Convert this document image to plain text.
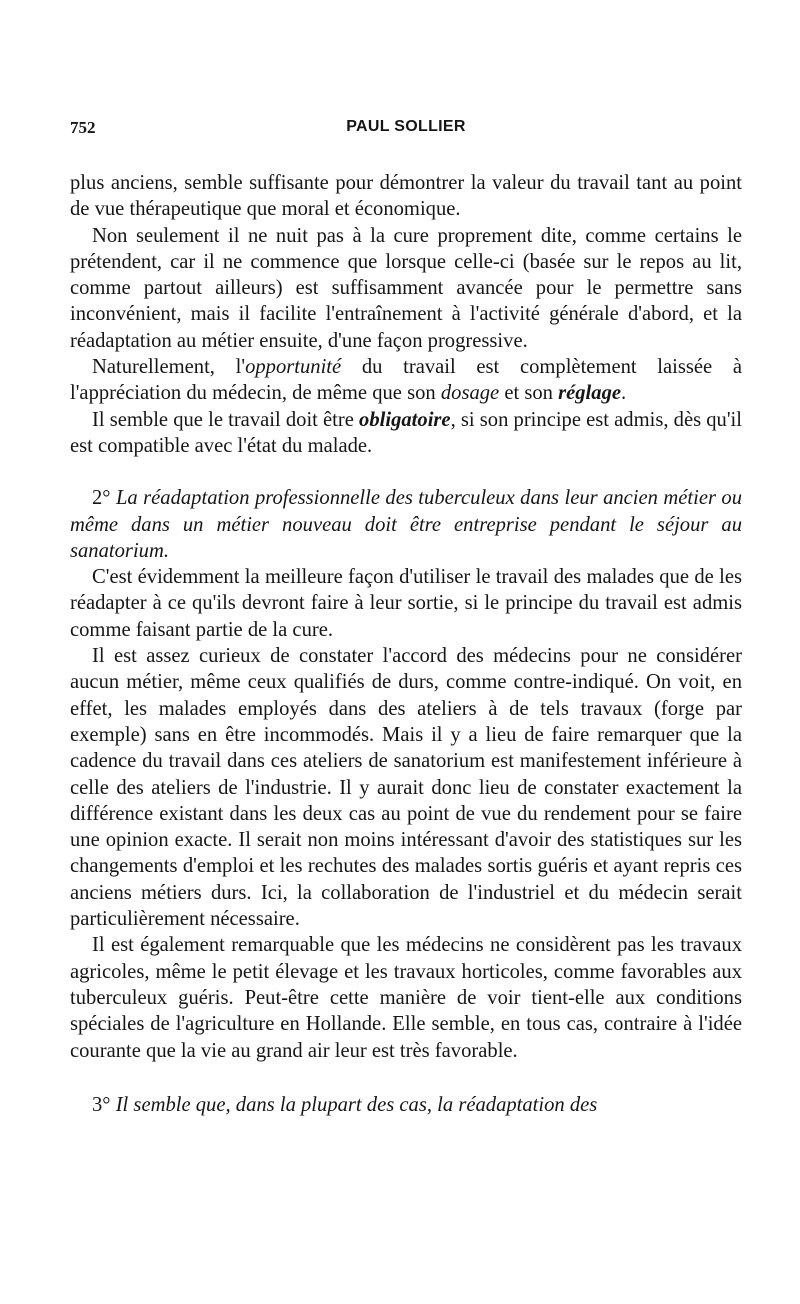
752	PAUL SOLLIER

plus anciens, semble suffisante pour démontrer la valeur du travail tant au point de vue thérapeutique que moral et économique.

Non seulement il ne nuit pas à la cure proprement dite, comme certains le prétendent, car il ne commence que lorsque celle-ci (basée sur le repos au lit, comme partout ailleurs) est suffisamment avancée pour le permettre sans inconvénient, mais il facilite l'entraînement à l'activité générale d'abord, et la réadaptation au métier ensuite, d'une façon progressive.

Naturellement, l'opportunité du travail est complètement laissée à l'appréciation du médecin, de même que son dosage et son réglage.

Il semble que le travail doit être obligatoire, si son principe est admis, dès qu'il est compatible avec l'état du malade.

2° La réadaptation professionnelle des tuberculeux dans leur ancien métier ou même dans un métier nouveau doit être entreprise pendant le séjour au sanatorium.

C'est évidemment la meilleure façon d'utiliser le travail des malades que de les réadapter à ce qu'ils devront faire à leur sortie, si le principe du travail est admis comme faisant partie de la cure.

Il est assez curieux de constater l'accord des médecins pour ne considérer aucun métier, même ceux qualifiés de durs, comme contre-indiqué. On voit, en effet, les malades employés dans des ateliers à de tels travaux (forge par exemple) sans en être incommodés. Mais il y a lieu de faire remarquer que la cadence du travail dans ces ateliers de sanatorium est manifestement inférieure à celle des ateliers de l'industrie. Il y aurait donc lieu de constater exactement la différence existant dans les deux cas au point de vue du rendement pour se faire une opinion exacte. Il serait non moins intéressant d'avoir des statistiques sur les changements d'emploi et les rechutes des malades sortis guéris et ayant repris ces anciens métiers durs. Ici, la collaboration de l'industriel et du médecin serait particulièrement nécessaire.

Il est également remarquable que les médecins ne considèrent pas les travaux agricoles, même le petit élevage et les travaux horticoles, comme favorables aux tuberculeux guéris. Peut-être cette manière de voir tient-elle aux conditions spéciales de l'agriculture en Hollande. Elle semble, en tous cas, contraire à l'idée courante que la vie au grand air leur est très favorable.

3° Il semble que, dans la plupart des cas, la réadaptation des
